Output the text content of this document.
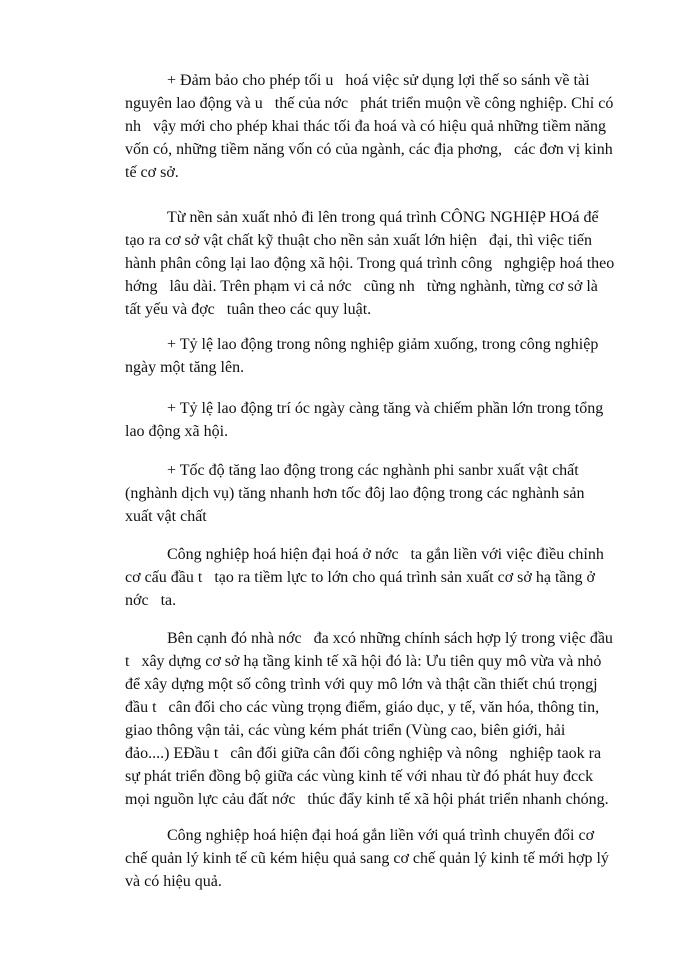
+ Đảm bảo cho phép tối u   hoá việc sử dụng lợi thế so sánh về tài
nguyên lao động và u   thế của nớc   phát triển muộn về công nghiệp. Chỉ có
nh   vậy mới cho phép khai thác tối đa hoá và có hiệu quả những tiềm năng
vốn có, những tiềm năng vốn có của ngành, các địa phơng,   các đơn vị kinh
tế cơ sở.
Từ nền sản xuất nhỏ đi lên trong quá trình CÔNG NGHIệP HOá để
tạo ra cơ sở vật chất kỹ thuật cho nền sản xuất lớn hiện   đại, thì việc tiến
hành phân công lại lao động xã hội. Trong quá trình công   nghgiệp hoá theo
hớng   lâu dài. Trên phạm vi cả nớc   cũng nh   từng nghành, từng cơ sở là
tất yếu và đợc   tuân theo các quy luật.
+ Tỷ lệ lao động trong nông nghiệp giảm xuống, trong công nghiệp
ngày một tăng lên.
+ Tỷ lệ lao động trí óc ngày càng tăng và chiếm phần lớn trong tổng
lao động xã hội.
+ Tốc độ tăng lao động trong các nghành phi sanbr xuất vật chất
(nghành dịch vụ) tăng nhanh hơn tốc đôj lao động trong các nghành sản
xuất vật chất
Công nghiệp hoá hiện đại hoá ở nớc   ta gắn liền với việc điều chỉnh
cơ cấu đầu t   tạo ra tiềm lực to lớn cho quá trình sản xuất cơ sở hạ tầng ở
nớc   ta.
Bên cạnh đó nhà nớc   đa xcó những chính sách hợp lý trong việc đầu
t   xây dựng cơ sở hạ tầng kinh tế xã hội đó là: Ưu tiên quy mô vừa và nhỏ
để xây dựng một số công trình với quy mô lớn và thật cần thiết chú trọngj
đầu t   cân đối cho các vùng trọng điểm, giáo dục, y tế, văn hóa, thông tin,
giao thông vận tải, các vùng kém phát triển (Vùng cao, biên giới, hải
đảo....) EĐầu t   cân đối giữa cân đối công nghiệp và nông   nghiệp taok ra
sự phát triển đồng bộ giữa các vùng kinh tế với nhau từ đó phát huy đcck
mọi nguồn lực cảu đất nớc   thúc đẩy kinh tế xã hội phát triển nhanh chóng.
Công nghiệp hoá hiện đại hoá gắn liền với quá trình chuyển đổi cơ
chế quản lý kinh tế cũ kém hiệu quả sang cơ chế quản lý kinh tế mới hợp lý
và có hiệu quả.
